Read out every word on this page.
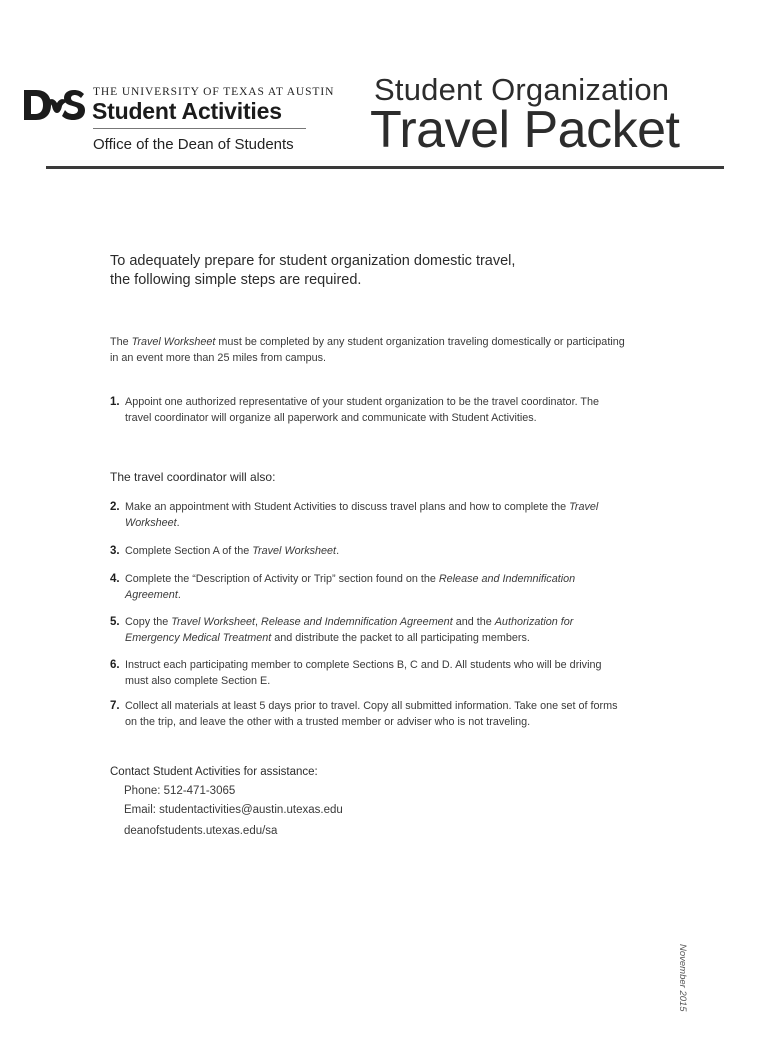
THE UNIVERSITY OF TEXAS AT AUSTIN
Student Activities
Office of the Dean of Students
Student Organization
Travel Packet
To adequately prepare for student organization domestic travel,
the following simple steps are required.
The Travel Worksheet must be completed by any student organization traveling domestically or participating in an event more than 25 miles from campus.
1. Appoint one authorized representative of your student organization to be the travel coordinator. The travel coordinator will organize all paperwork and communicate with Student Activities.
The travel coordinator will also:
2. Make an appointment with Student Activities to discuss travel plans and how to complete the Travel Worksheet.
3. Complete Section A of the Travel Worksheet.
4. Complete the “Description of Activity or Trip” section found on the Release and Indemnification Agreement.
5. Copy the Travel Worksheet, Release and Indemnification Agreement and the Authorization for Emergency Medical Treatment and distribute the packet to all participating members.
6. Instruct each participating member to complete Sections B, C and D. All students who will be driving must also complete Section E.
7. Collect all materials at least 5 days prior to travel. Copy all submitted information. Take one set of forms on the trip, and leave the other with a trusted member or adviser who is not traveling.
Contact Student Activities for assistance:
Phone: 512-471-3065
Email: studentactivities@austin.utexas.edu
deanofstudents.utexas.edu/sa
November 2015
